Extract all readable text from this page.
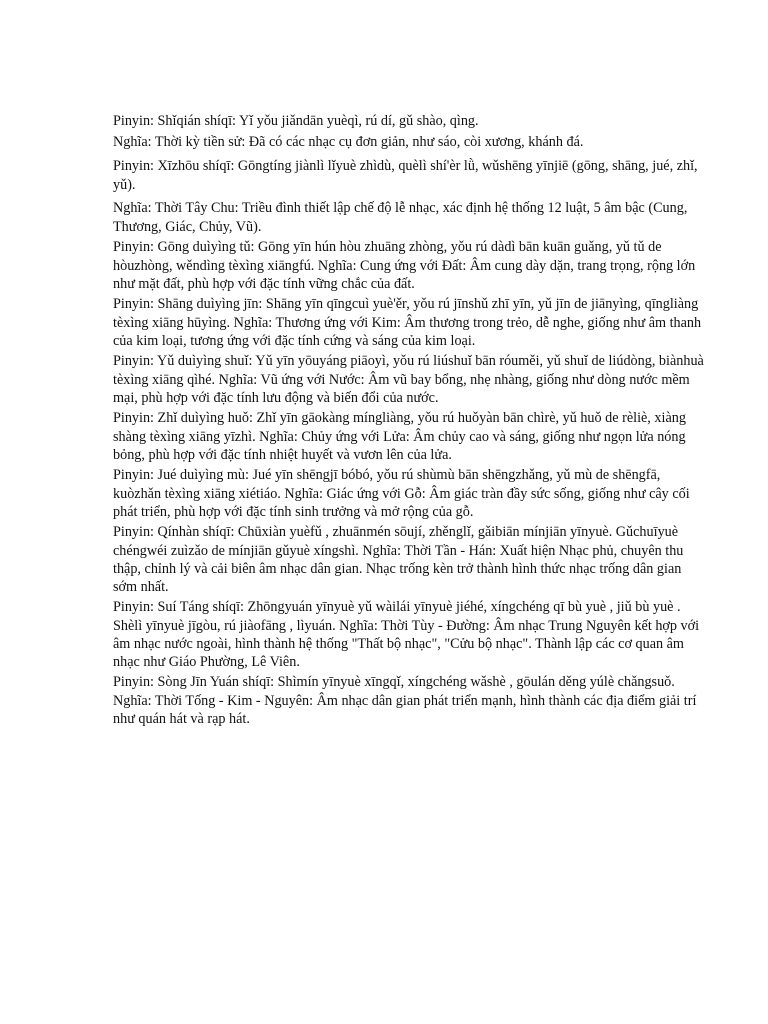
Pinyin: Shǐqián shíqī: Yǐ yǒu jiǎndān yuèqì, rú dí, gǔ shào, qìng.

Nghĩa: Thời kỳ tiền sử: Đã có các nhạc cụ đơn giản, như sáo, còi xương, khánh đá.

Pinyin: Xīzhōu shíqī: Gōngtíng jiànlì lǐyuè zhìdù, quèlì shí'èr lǜ, wǔshēng yīnjiē (gōng, shāng, jué, zhǐ, yǔ).

Nghĩa: Thời Tây Chu: Triều đình thiết lập chế độ lễ nhạc, xác định hệ thống 12 luật, 5 âm bậc (Cung, Thương, Giác, Chủy, Vũ).

Pinyin: Gōng duìyìng tǔ: Gōng yīn hún hòu zhuāng zhòng, yǒu rú dàdì bān kuān guǎng, yǔ tǔ de hòuzhòng, wěndìng tèxìng xiāngfú. Nghĩa: Cung ứng với Đất: Âm cung dày dặn, trang trọng, rộng lớn như mặt đất, phù hợp với đặc tính vững chắc của đất.

Pinyin: Shāng duìyìng jīn: Shāng yīn qīngcuì yuè'ěr, yǒu rú jīnshǔ zhī yīn, yǔ jīn de jiānyìng, qīngliàng tèxìng xiāng hūyìng. Nghĩa: Thương ứng với Kim: Âm thương trong trẻo, dễ nghe, giống như âm thanh của kim loại, tương ứng với đặc tính cứng và sáng của kim loại.

Pinyin: Yǔ duìyìng shuǐ: Yǔ yīn yōuyáng piāoyì, yǒu rú liúshuǐ bān róuměi, yǔ shuǐ de liúdòng, biànhuà tèxìng xiāng qìhé. Nghĩa: Vũ ứng với Nước: Âm vũ bay bổng, nhẹ nhàng, giống như dòng nước mềm mại, phù hợp với đặc tính lưu động và biến đổi của nước.

Pinyin: Zhǐ duìyìng huǒ: Zhǐ yīn gāokàng míngliàng, yǒu rú huǒyàn bān chìrè, yǔ huǒ de rèliè, xiàng shàng tèxìng xiāng yīzhì. Nghĩa: Chủy ứng với Lửa: Âm chủy cao và sáng, giống như ngọn lửa nóng bỏng, phù hợp với đặc tính nhiệt huyết và vươn lên của lửa.

Pinyin: Jué duìyìng mù: Jué yīn shēngjī bóbó, yǒu rú shùmù bān shēngzhǎng, yǔ mù de shēngfā, kuòzhǎn tèxìng xiāng xiétiáo. Nghĩa: Giác ứng với Gỗ: Âm giác tràn đầy sức sống, giống như cây cối phát triển, phù hợp với đặc tính sinh trưởng và mở rộng của gỗ.

Pinyin: Qínhàn shíqī: Chūxiàn yuèfǔ , zhuānmén sōují, zhěnglǐ, gǎibiān mínjiān yīnyuè. Gǔchuīyuè chéngwéi zuìzǎo de mínjiān gǔyuè xíngshì. Nghĩa: Thời Tần - Hán: Xuất hiện Nhạc phủ, chuyên thu thập, chỉnh lý và cải biên âm nhạc dân gian. Nhạc trống kèn trở thành hình thức nhạc trống dân gian sớm nhất.

Pinyin: Suí Táng shíqī: Zhōngyuán yīnyuè yǔ wàilái yīnyuè jiéhé, xíngchéng qī bù yuè , jiǔ bù yuè . Shèlì yīnyuè jīgòu, rú jiàofāng , lìyuán. Nghĩa: Thời Tùy - Đường: Âm nhạc Trung Nguyên kết hợp với âm nhạc nước ngoài, hình thành hệ thống "Thất bộ nhạc", "Cửu bộ nhạc". Thành lập các cơ quan âm nhạc như Giáo Phường, Lê Viên.

Pinyin: Sòng Jīn Yuán shíqī: Shìmín yīnyuè xīngqǐ, xíngchéng wǎshè , gōulán děng yúlè chǎngsuǒ. Nghĩa: Thời Tống - Kim - Nguyên: Âm nhạc dân gian phát triển mạnh, hình thành các địa điểm giải trí như quán hát và rạp hát.
